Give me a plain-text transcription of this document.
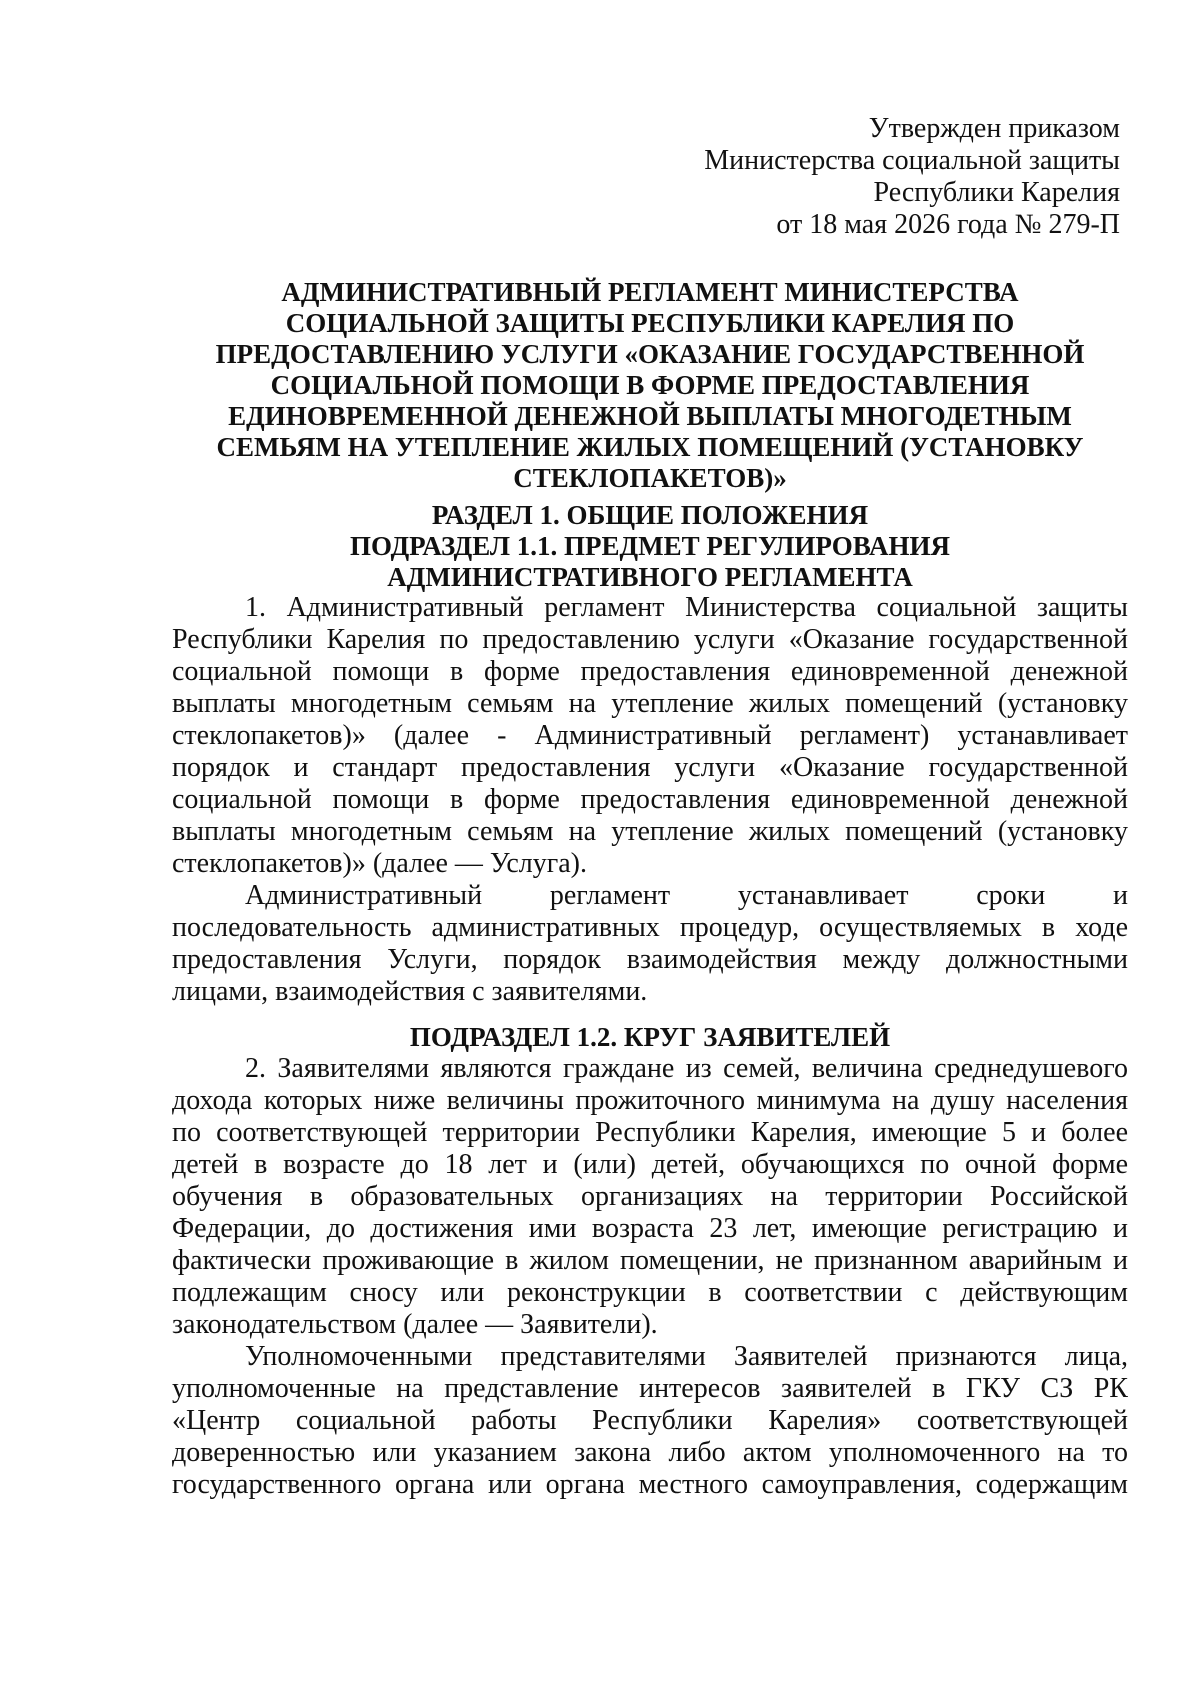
Утвержден приказом
Министерства социальной защиты
Республики Карелия
от 18 мая 2026 года № 279-П
АДМИНИСТРАТИВНЫЙ РЕГЛАМЕНТ МИНИСТЕРСТВА
СОЦИАЛЬНОЙ ЗАЩИТЫ РЕСПУБЛИКИ КАРЕЛИЯ ПО
ПРЕДОСТАВЛЕНИЮ УСЛУГИ «ОКАЗАНИЕ ГОСУДАРСТВЕННОЙ
СОЦИАЛЬНОЙ ПОМОЩИ В ФОРМЕ ПРЕДОСТАВЛЕНИЯ
ЕДИНОВРЕМЕННОЙ ДЕНЕЖНОЙ ВЫПЛАТЫ МНОГОДЕТНЫМ
СЕМЬЯМ НА УТЕПЛЕНИЕ ЖИЛЫХ ПОМЕЩЕНИЙ (УСТАНОВКУ
СТЕКЛОПАКЕТОВ)»
РАЗДЕЛ 1. ОБЩИЕ ПОЛОЖЕНИЯ
ПОДРАЗДЕЛ 1.1. ПРЕДМЕТ РЕГУЛИРОВАНИЯ
АДМИНИСТРАТИВНОГО РЕГЛАМЕНТА
1. Административный регламент Министерства социальной защиты
Республики Карелия по предоставлению услуги «Оказание государственной
социальной помощи в форме предоставления единовременной денежной
выплаты многодетным семьям на утепление жилых помещений (установку
стеклопакетов)» (далее - Административный регламент) устанавливает
порядок и стандарт предоставления услуги «Оказание государственной
социальной помощи в форме предоставления единовременной денежной
выплаты многодетным семьям на утепление жилых помещений (установку
стеклопакетов)» (далее — Услуга).
Административный регламент устанавливает сроки и
последовательность административных процедур, осуществляемых в ходе
предоставления Услуги, порядок взаимодействия между должностными
лицами, взаимодействия с заявителями.
ПОДРАЗДЕЛ 1.2. КРУГ ЗАЯВИТЕЛЕЙ
2. Заявителями являются граждане из семей, величина среднедушевого
дохода которых ниже величины прожиточного минимума на душу населения
по соответствующей территории Республики Карелия, имеющие 5 и более
детей в возрасте до 18 лет и (или) детей, обучающихся по очной форме
обучения в образовательных организациях на территории Российской
Федерации, до достижения ими возраста 23 лет, имеющие регистрацию и
фактически проживающие в жилом помещении, не признанном аварийным и
подлежащим сносу или реконструкции в соответствии с действующим
законодательством (далее — Заявители).
Уполномоченными представителями Заявителей признаются лица,
уполномоченные на представление интересов заявителей в ГКУ СЗ РК
«Центр социальной работы Республики Карелия» соответствующей
доверенностью или указанием закона либо актом уполномоченного на то
государственного органа или органа местного самоуправления, содержащим
